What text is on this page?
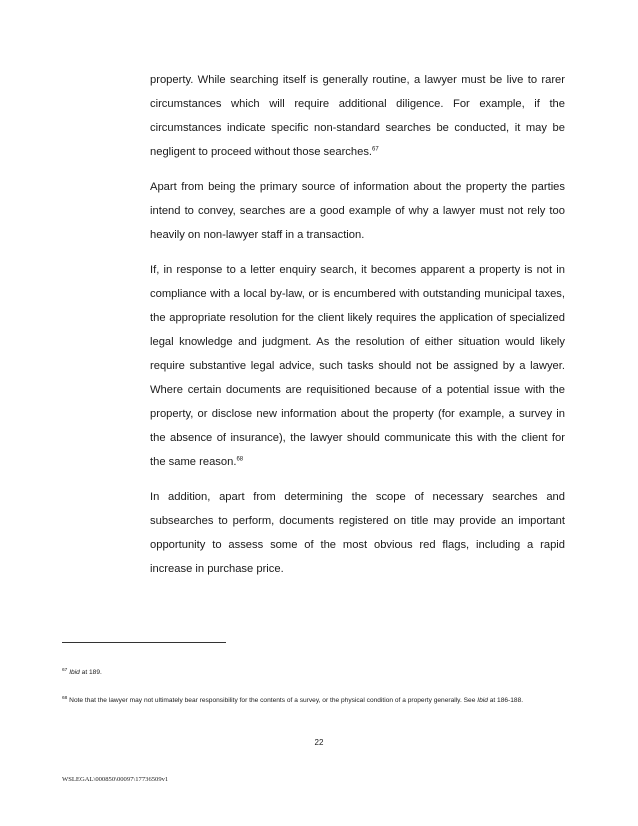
property. While searching itself is generally routine, a lawyer must be live to rarer circumstances which will require additional diligence. For example, if the circumstances indicate specific non-standard searches be conducted, it may be negligent to proceed without those searches.$^{67}$

Apart from being the primary source of information about the property the parties intend to convey, searches are a good example of why a lawyer must not rely too heavily on non-lawyer staff in a transaction.

If, in response to a letter enquiry search, it becomes apparent a property is not in compliance with a local by-law, or is encumbered with outstanding municipal taxes, the appropriate resolution for the client likely requires the application of specialized legal knowledge and judgment. As the resolution of either situation would likely require substantive legal advice, such tasks should not be assigned by a lawyer. Where certain documents are requisitioned because of a potential issue with the property, or disclose new information about the property (for example, a survey in the absence of insurance), the lawyer should communicate this with the client for the same reason.$^{68}$

In addition, apart from determining the scope of necessary searches and subsearches to perform, documents registered on title may provide an important opportunity to assess some of the most obvious red flags, including a rapid increase in purchase price.

$^{67}$ Ibid at 189.

$^{68}$ Note that the lawyer may not ultimately bear responsibility for the contents of a survey, or the physical condition of a property generally. See Ibid at 186-188.

22
WSLEGAL\000850\00097\17736509v1
